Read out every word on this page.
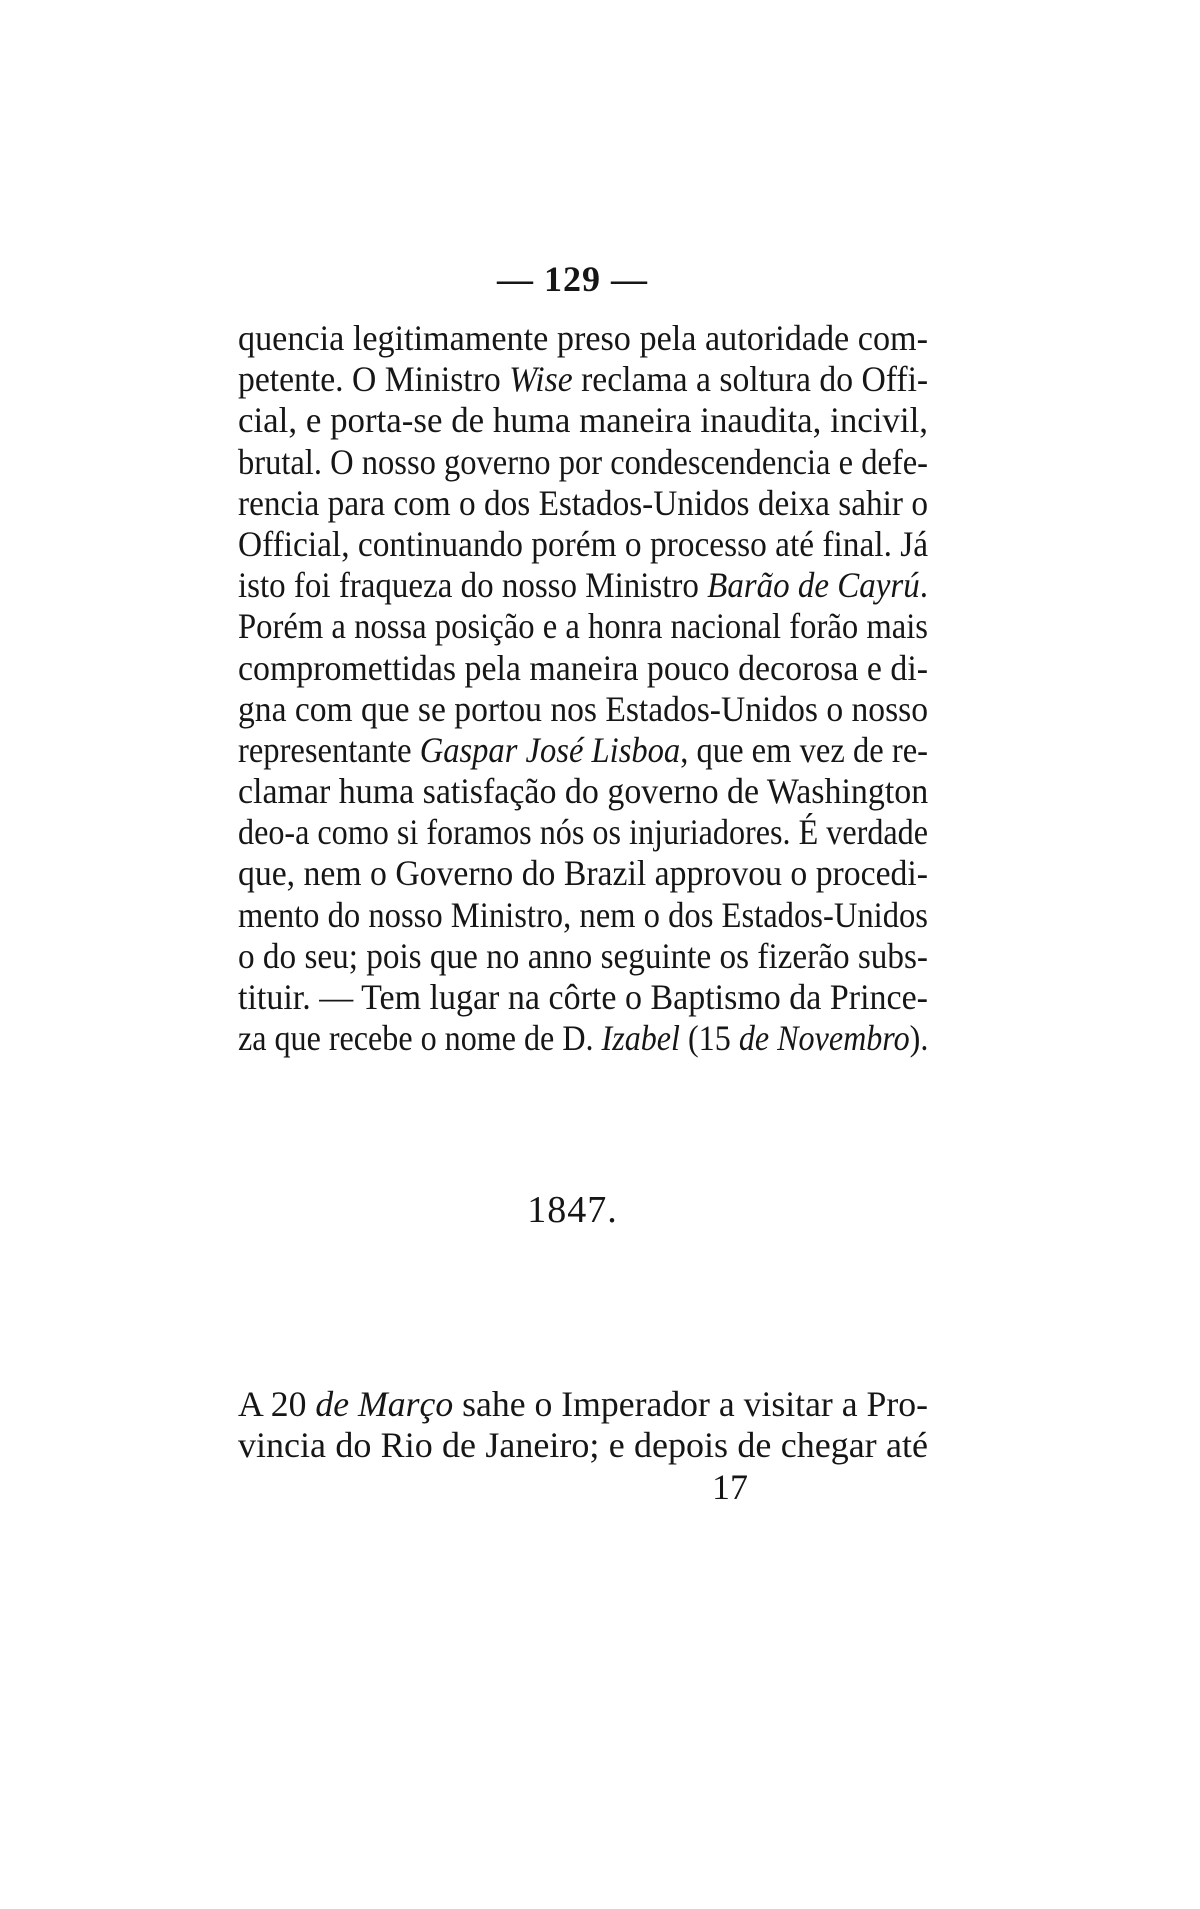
— 129 —
quencia legitimamente preso pela autoridade com-
petente. O Ministro Wise reclama a soltura do Offi-
cial, e porta-se de huma maneira inaudita, incivil,
brutal. O nosso governo por condescendencia e defe-
rencia para com o dos Estados-Unidos deixa sahir o
Official, continuando porém o processo até final. Já
isto foi fraqueza do nosso Ministro Barão de Cayrú.
Porém a nossa posição e a honra nacional forão mais
compromettidas pela maneira pouco decorosa e di-
gna com que se portou nos Estados-Unidos o nosso
representante Gaspar José Lisboa, que em vez de re-
clamar huma satisfação do governo de Washington
deo-a como si foramos nós os injuriadores. É verdade
que, nem o Governo do Brazil approvou o procedi-
mento do nosso Ministro, nem o dos Estados-Unidos
o do seu; pois que no anno seguinte os fizerão subs-
tituir. — Tem lugar na côrte o Baptismo da Prince-
za que recebe o nome de D. Izabel (15 de Novembro).
1847.
A 20 de Março sahe o Imperador a visitar a Pro-
vincia do Rio de Janeiro; e depois de chegar até
17
